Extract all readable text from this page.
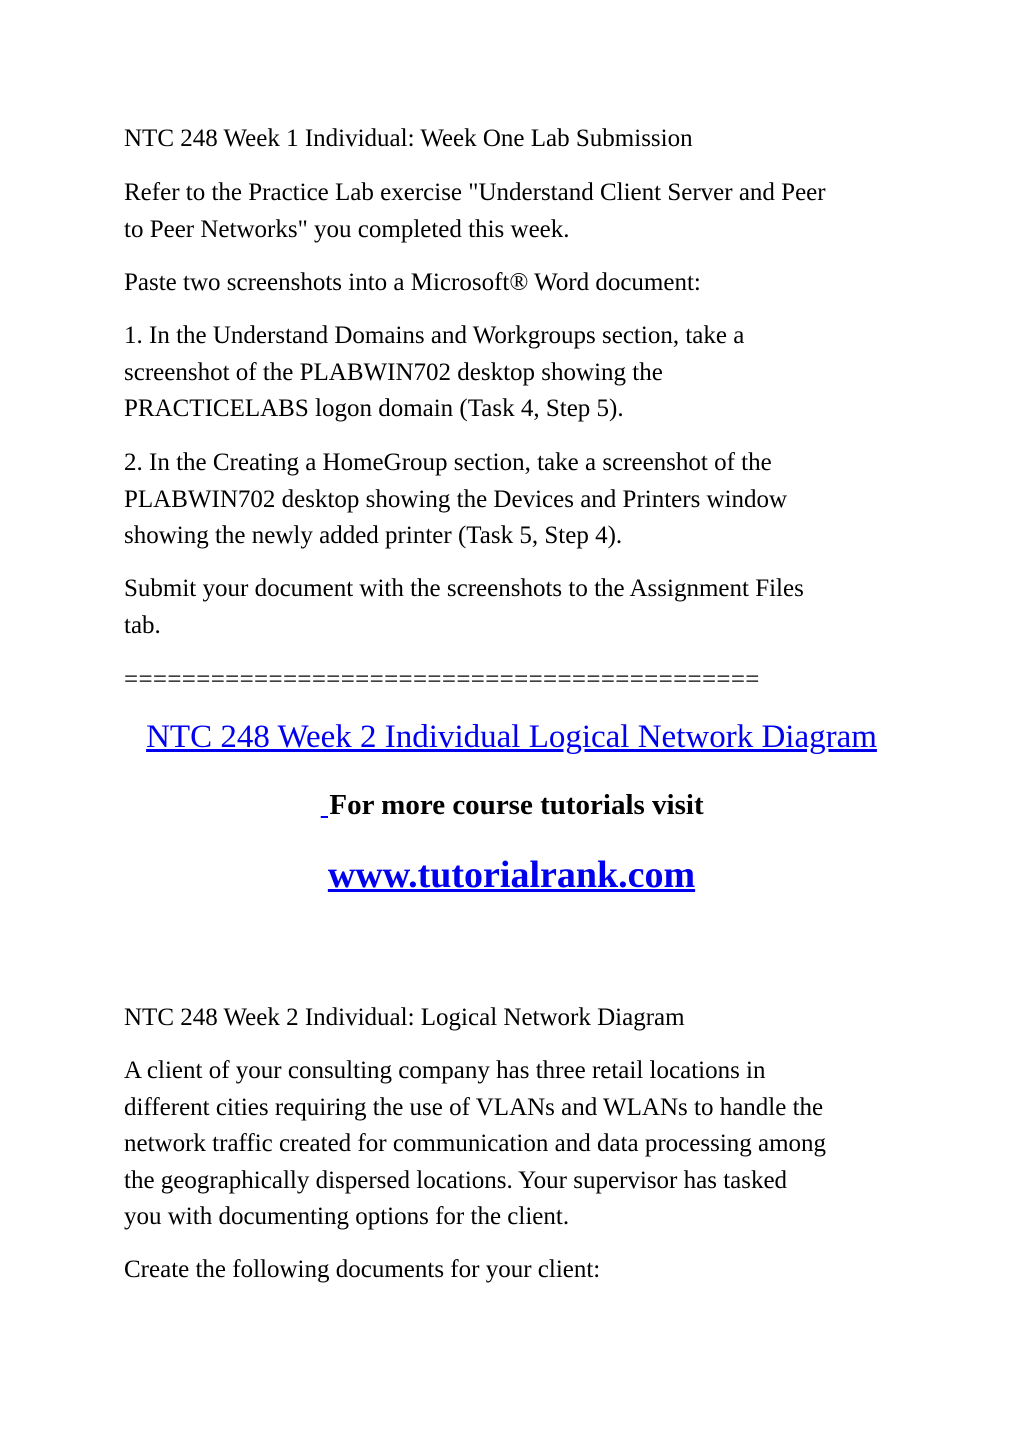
NTC 248 Week 1 Individual: Week One Lab Submission

Refer to the Practice Lab exercise "Understand Client Server and Peer
to Peer Networks" you completed this week.

Paste two screenshots into a Microsoft® Word document:

1. In the Understand Domains and Workgroups section, take a
screenshot of the PLABWIN702 desktop showing the
PRACTICELABS logon domain (Task 4, Step 5).

2. In the Creating a HomeGroup section, take a screenshot of the
PLABWIN702 desktop showing the Devices and Printers window
showing the newly added printer (Task 5, Step 4).

Submit your document with the screenshots to the Assignment Files
tab.

============================================

NTC 248 Week 2 Individual Logical Network Diagram

For more course tutorials visit

www.tutorialrank.com

NTC 248 Week 2 Individual: Logical Network Diagram

A client of your consulting company has three retail locations in
different cities requiring the use of VLANs and WLANs to handle the
network traffic created for communication and data processing among
the geographically dispersed locations. Your supervisor has tasked
you with documenting options for the client.

Create the following documents for your client:
